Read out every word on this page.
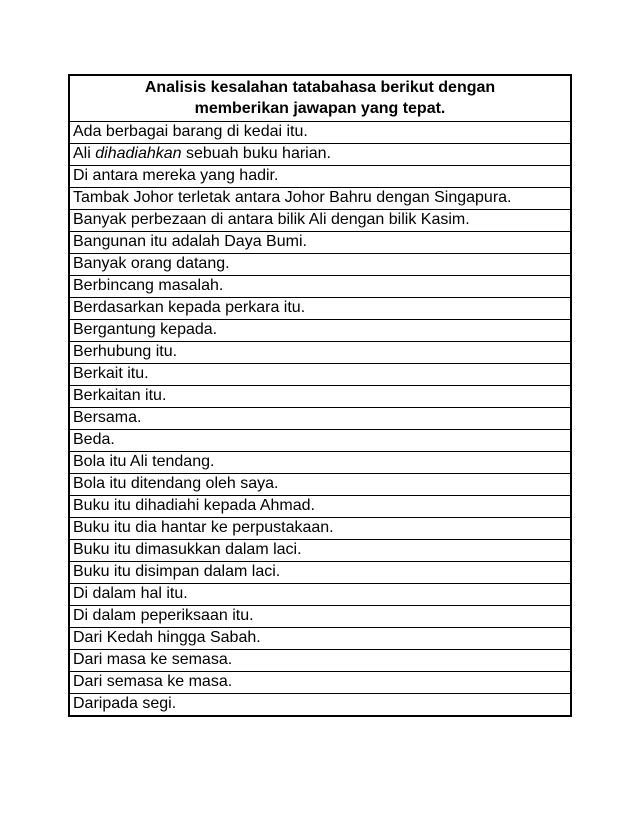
Analisis kesalahan tatabahasa berikut dengan
memberikan jawapan yang tepat.
Ada berbagai barang di kedai itu.
Ali dihadiahkan sebuah buku harian.
Di antara mereka yang hadir.
Tambak Johor terletak antara Johor Bahru dengan Singapura.
Banyak perbezaan di antara bilik Ali dengan bilik Kasim.
Bangunan itu adalah Daya Bumi.
Banyak orang datang.
Berbincang masalah.
Berdasarkan kepada perkara itu.
Bergantung kepada.
Berhubung itu.
Berkait itu.
Berkaitan itu.
Bersama.
Beda.
Bola itu Ali tendang.
Bola itu ditendang oleh saya.
Buku itu dihadiahi kepada Ahmad.
Buku itu dia hantar ke perpustakaan.
Buku itu dimasukkan dalam laci.
Buku itu disimpan dalam laci.
Di dalam hal itu.
Di dalam peperiksaan itu.
Dari Kedah hingga Sabah.
Dari masa ke semasa.
Dari semasa ke masa.
Daripada segi.
